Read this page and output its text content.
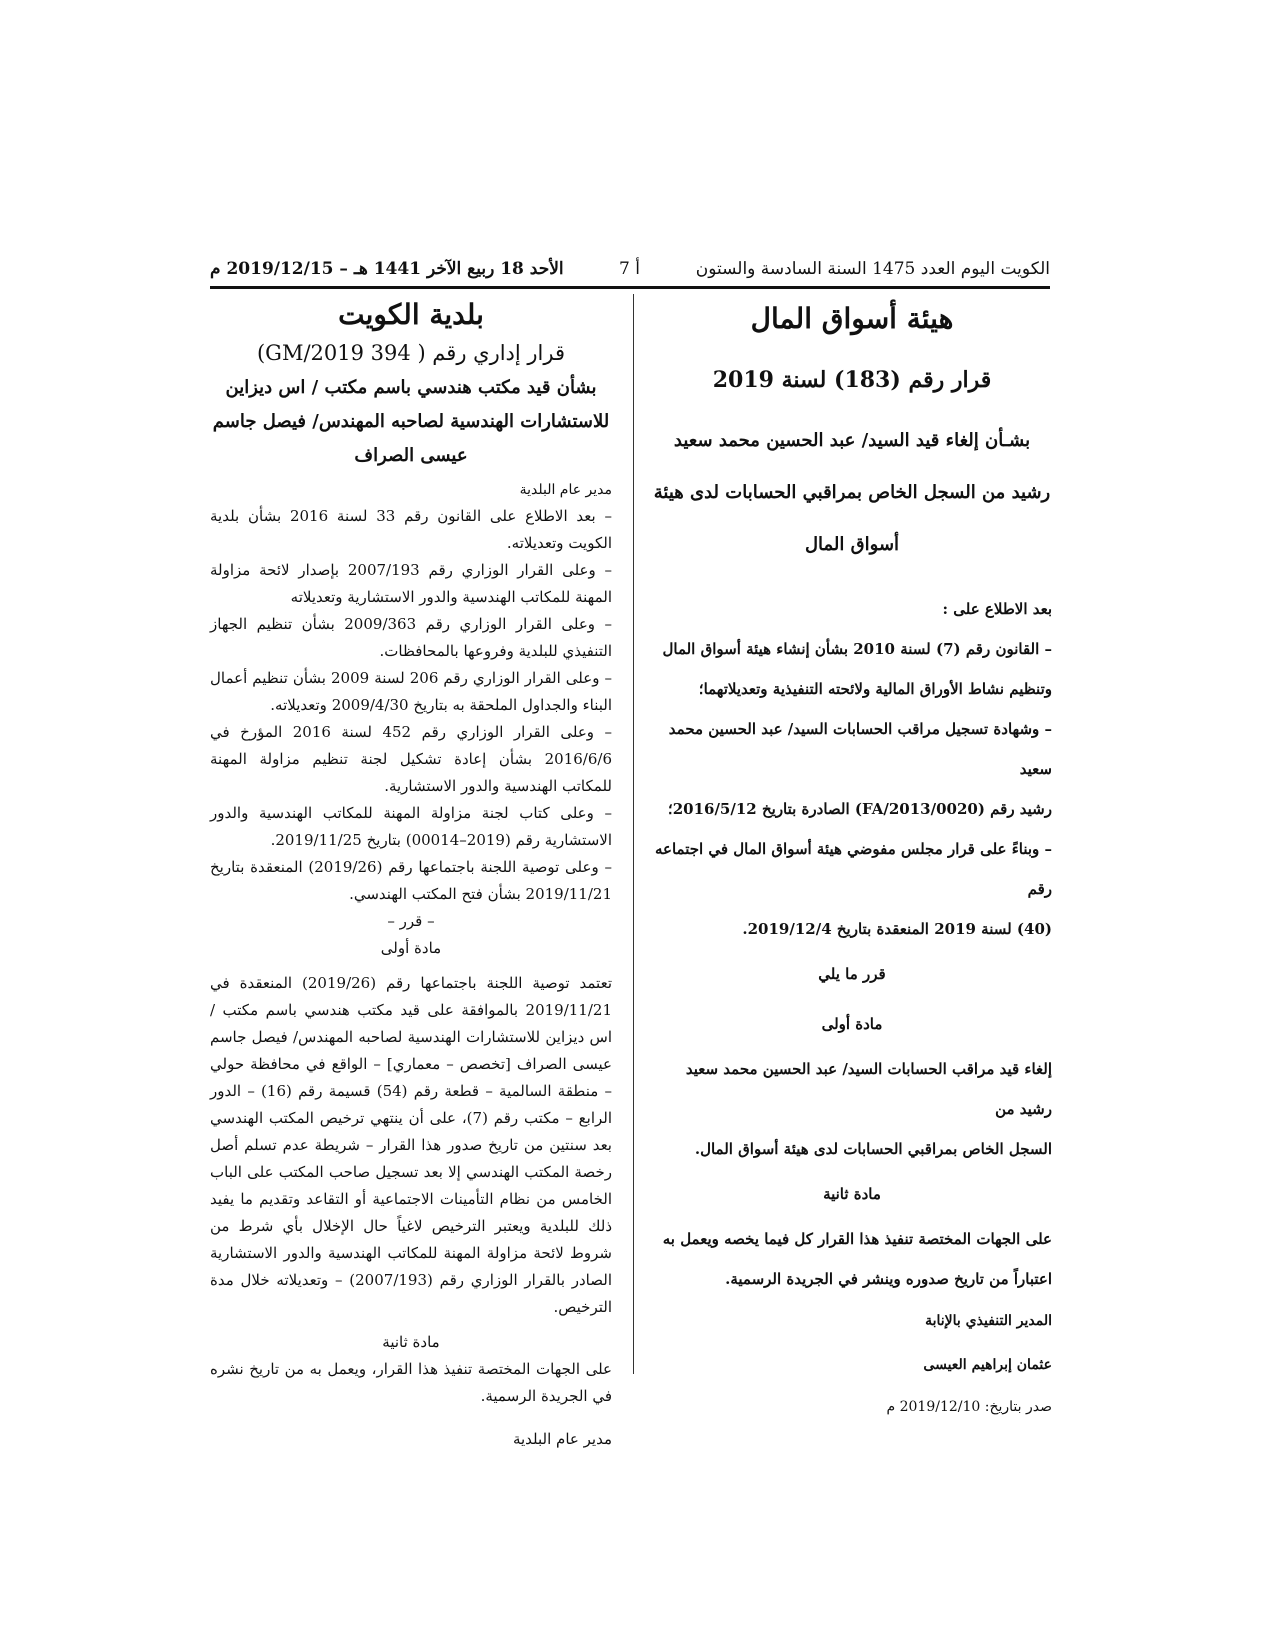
الكويت اليوم العدد 1475 السنة السادسة والستون
أ 7
الأحد 18 ربيع الآخر 1441 هـ – 2019/12/15 م
هيئة أسواق المال
قرار رقم (183) لسنة 2019
بشـأن إلغاء قيد السيد/ عبد الحسين محمد سعيد
رشيد من السجل الخاص بمراقبي الحسابات لدى هيئة
أسواق المال
بعد الاطلاع على :
– القانون رقم (7) لسنة 2010 بشأن إنشاء هيئة أسواق المال
وتنظيم نشاط الأوراق المالية ولائحته التنفيذية وتعديلاتهما؛
– وشهادة تسجيل مراقب الحسابات السيد/ عبد الحسين محمد سعيد
رشيد رقم (FA/2013/0020) الصادرة بتاريخ 2016/5/12؛
– وبناءً على قرار مجلس مفوضي هيئة أسواق المال في اجتماعه رقم
(40) لسنة 2019 المنعقدة بتاريخ 2019/12/4.
قرر ما يلي
مادة أولى
إلغاء قيد مراقب الحسابات السيد/ عبد الحسين محمد سعيد رشيد من
السجل الخاص بمراقبي الحسابات لدى هيئة أسواق المال.
مادة ثانية
على الجهات المختصة تنفيذ هذا القرار كل فيما يخصه ويعمل به
اعتباراً من تاريخ صدوره وينشر في الجريدة الرسمية.
المدير التنفيذي بالإنابة
عثمان إبراهيم العيسى
صدر بتاريخ: 2019/12/10 م
بلدية الكويت
قرار إداري رقم ( 394 2019/GM)
بشأن قيد مكتب هندسي باسم مكتب / اس ديزاين
للاستشارات الهندسية لصاحبه المهندس/ فيصل جاسم
عيسى الصراف
مدير عام البلدية
– بعد الاطلاع على القانون رقم 33 لسنة 2016 بشأن بلدية الكويت وتعديلاته.
– وعلى القرار الوزاري رقم 2007/193 بإصدار لائحة مزاولة المهنة للمكاتب الهندسية والدور الاستشارية وتعديلاته
– وعلى القرار الوزاري رقم 2009/363 بشأن تنظيم الجهاز التنفيذي للبلدية وفروعها بالمحافظات.
– وعلى القرار الوزاري رقم 206 لسنة 2009 بشأن تنظيم أعمال البناء والجداول الملحقة به بتاريخ 2009/4/30 وتعديلاته.
– وعلى القرار الوزاري رقم 452 لسنة 2016 المؤرخ في 2016/6/6 بشأن إعادة تشكيل لجنة تنظيم مزاولة المهنة للمكاتب الهندسية والدور الاستشارية.
– وعلى كتاب لجنة مزاولة المهنة للمكاتب الهندسية والدور الاستشارية رقم (2019–00014) بتاريخ 2019/11/25.
– وعلى توصية اللجنة باجتماعها رقم (2019/26) المنعقدة بتاريخ 2019/11/21 بشأن فتح المكتب الهندسي.
– قرر –
مادة أولى
تعتمد توصية اللجنة باجتماعها رقم (2019/26) المنعقدة في 2019/11/21 بالموافقة على قيد مكتب هندسي باسم مكتب / اس ديزاين للاستشارات الهندسية لصاحبه المهندس/ فيصل جاسم عيسى الصراف [تخصص – معماري] – الواقع في محافظة حولي – منطقة السالمية – قطعة رقم (54) قسيمة رقم (16) – الدور الرابع – مكتب رقم (7)، على أن ينتهي ترخيص المكتب الهندسي بعد سنتين من تاريخ صدور هذا القرار – شريطة عدم تسلم أصل رخصة المكتب الهندسي إلا بعد تسجيل صاحب المكتب على الباب الخامس من نظام التأمينات الاجتماعية أو التقاعد وتقديم ما يفيد ذلك للبلدية ويعتبر الترخيص لاغياً حال الإخلال بأي شرط من شروط لائحة مزاولة المهنة للمكاتب الهندسية والدور الاستشارية الصادر بالقرار الوزاري رقم (2007/193) – وتعديلاته خلال مدة الترخيص.
مادة ثانية
على الجهات المختصة تنفيذ هذا القرار، ويعمل به من تاريخ نشره في الجريدة الرسمية.
مدير عام البلدية
